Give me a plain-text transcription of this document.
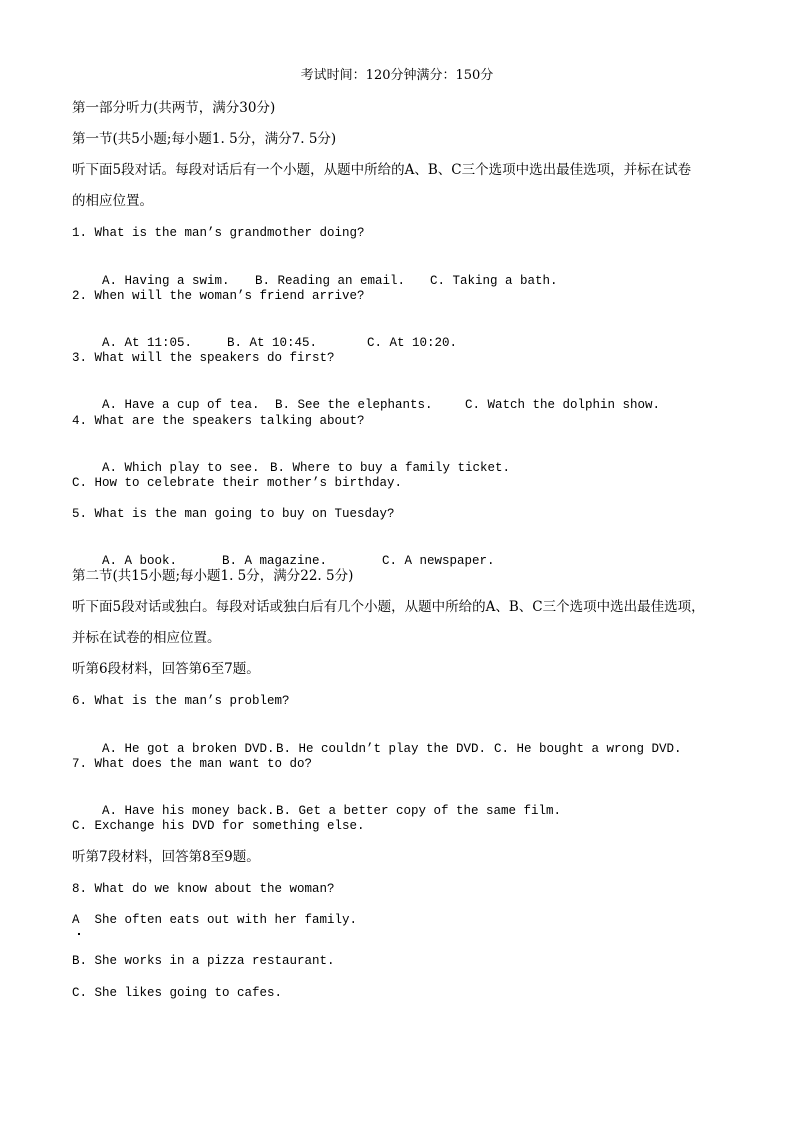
考试时间：120分钟满分：150分
第一部分听力(共两节，满分30分)
第一节(共5小题;每小题1. 5分，满分7. 5分)
听下面5段对话。每段对话后有一个小题，从题中所给的A、B、C三个选项中选出最佳选项，并标在试卷
的相应位置。
1. What is the man’s grandmother doing?

A. Having a swim. B. Reading an email. C. Taking a bath.

2. When will the woman’s friend arrive?

A. At 11:05.	B. At 10:45.	C. At 10:20.

3. What will the speakers do first?

A. Have a cup of tea. B. See the elephants.	C. Watch the dolphin show.

4. What are the speakers talking about?

A. Which play to see. B. Where to buy a family ticket.

C. How to celebrate their mother’s birthday.
5. What is the man going to buy on Tuesday?

A. A book.	B. A magazine.	C. A newspaper.

第二节(共15小题;每小题1. 5分，满分22. 5分)
听下面5段对话或独白。每段对话或独白后有几个小题，从题中所给的A、B、C三个选项中选出最佳选项，
并标在试卷的相应位置。
听第6段材料，回答第6至7题。
6. What is the man’s problem?

A. He got a broken DVD.B. He couldn’t play the DVD. C. He bought a wrong DVD.

7. What does the man want to do?

A. Have his money back.B. Get a better copy of the same film.

C. Exchange his DVD for something else.
听第7段材料，回答第8至9题。
8. What do we know about the woman?
A  She often eats out with her family.
B. She works in a pizza restaurant.
C. She likes going to cafes.
